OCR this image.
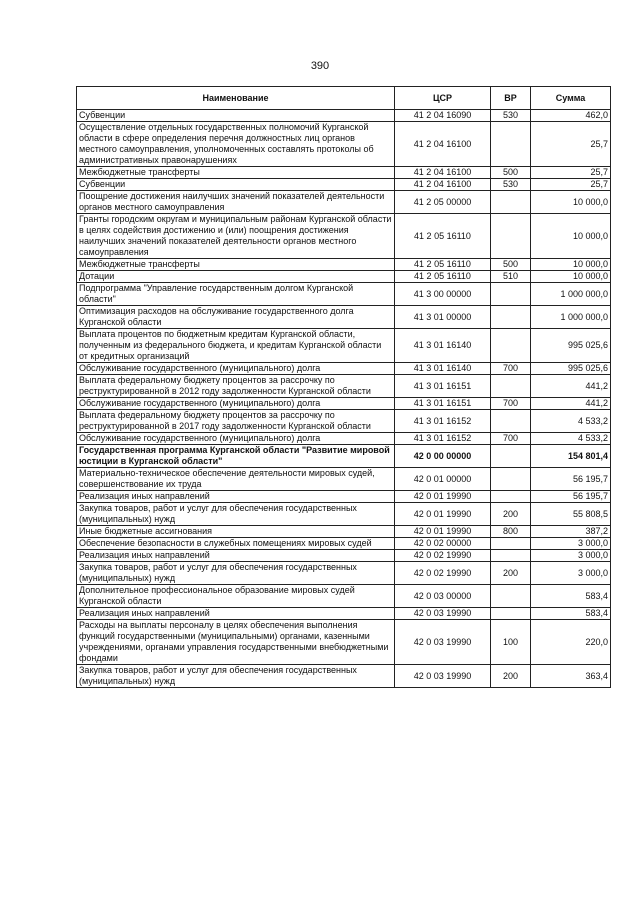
390
Наименование	ЦСР	ВР	Сумма
Субвенции	41 2 04 16090	530	462,0
Осуществление отдельных государственных полномочий Курганской области в сфере определения перечня должностных лиц органов местного самоуправления, уполномоченных составлять протоколы об административных правонарушениях	41 2 04 16100		25,7
Межбюджетные трансферты	41 2 04 16100	500	25,7
Субвенции	41 2 04 16100	530	25,7
Поощрение достижения наилучших значений показателей деятельности органов местного самоуправления	41 2 05 00000		10 000,0
Гранты городским округам и муниципальным районам Курганской области в целях содействия достижению и (или) поощрения достижения наилучших значений показателей деятельности органов местного самоуправления	41 2 05 16110		10 000,0
Межбюджетные трансферты	41 2 05 16110	500	10 000,0
Дотации	41 2 05 16110	510	10 000,0
Подпрограмма "Управление государственным долгом Курганской области"	41 3 00 00000		1 000 000,0
Оптимизация расходов на обслуживание государственного долга Курганской области	41 3 01 00000		1 000 000,0
Выплата процентов по бюджетным кредитам Курганской области, полученным из федерального бюджета, и кредитам Курганской области от кредитных организаций	41 3 01 16140		995 025,6
Обслуживание государственного (муниципального) долга	41 3 01 16140	700	995 025,6
Выплата федеральному бюджету процентов за рассрочку по реструктурированной в 2012 году задолженности Курганской области	41 3 01 16151		441,2
Обслуживание государственного (муниципального) долга	41 3 01 16151	700	441,2
Выплата федеральному бюджету процентов за рассрочку по реструктурированной в 2017 году задолженности Курганской области	41 3 01 16152		4 533,2
Обслуживание государственного (муниципального) долга	41 3 01 16152	700	4 533,2
Государственная программа Курганской области "Развитие мировой юстиции в Курганской области"	42 0 00 00000		154 801,4
Материально-техническое обеспечение деятельности мировых судей, совершенствование их труда	42 0 01 00000		56 195,7
Реализация иных направлений	42 0 01 19990		56 195,7
Закупка товаров, работ и услуг для обеспечения государственных (муниципальных) нужд	42 0 01 19990	200	55 808,5
Иные бюджетные ассигнования	42 0 01 19990	800	387,2
Обеспечение безопасности в служебных помещениях мировых судей	42 0 02 00000		3 000,0
Реализация иных направлений	42 0 02 19990		3 000,0
Закупка товаров, работ и услуг для обеспечения государственных (муниципальных) нужд	42 0 02 19990	200	3 000,0
Дополнительное профессиональное образование мировых судей Курганской области	42 0 03 00000		583,4
Реализация иных направлений	42 0 03 19990		583,4
Расходы на выплаты персоналу в целях обеспечения выполнения функций государственными (муниципальными) органами, казенными учреждениями, органами управления государственными внебюджетными фондами	42 0 03 19990	100	220,0
Закупка товаров, работ и услуг для обеспечения государственных (муниципальных) нужд	42 0 03 19990	200	363,4
